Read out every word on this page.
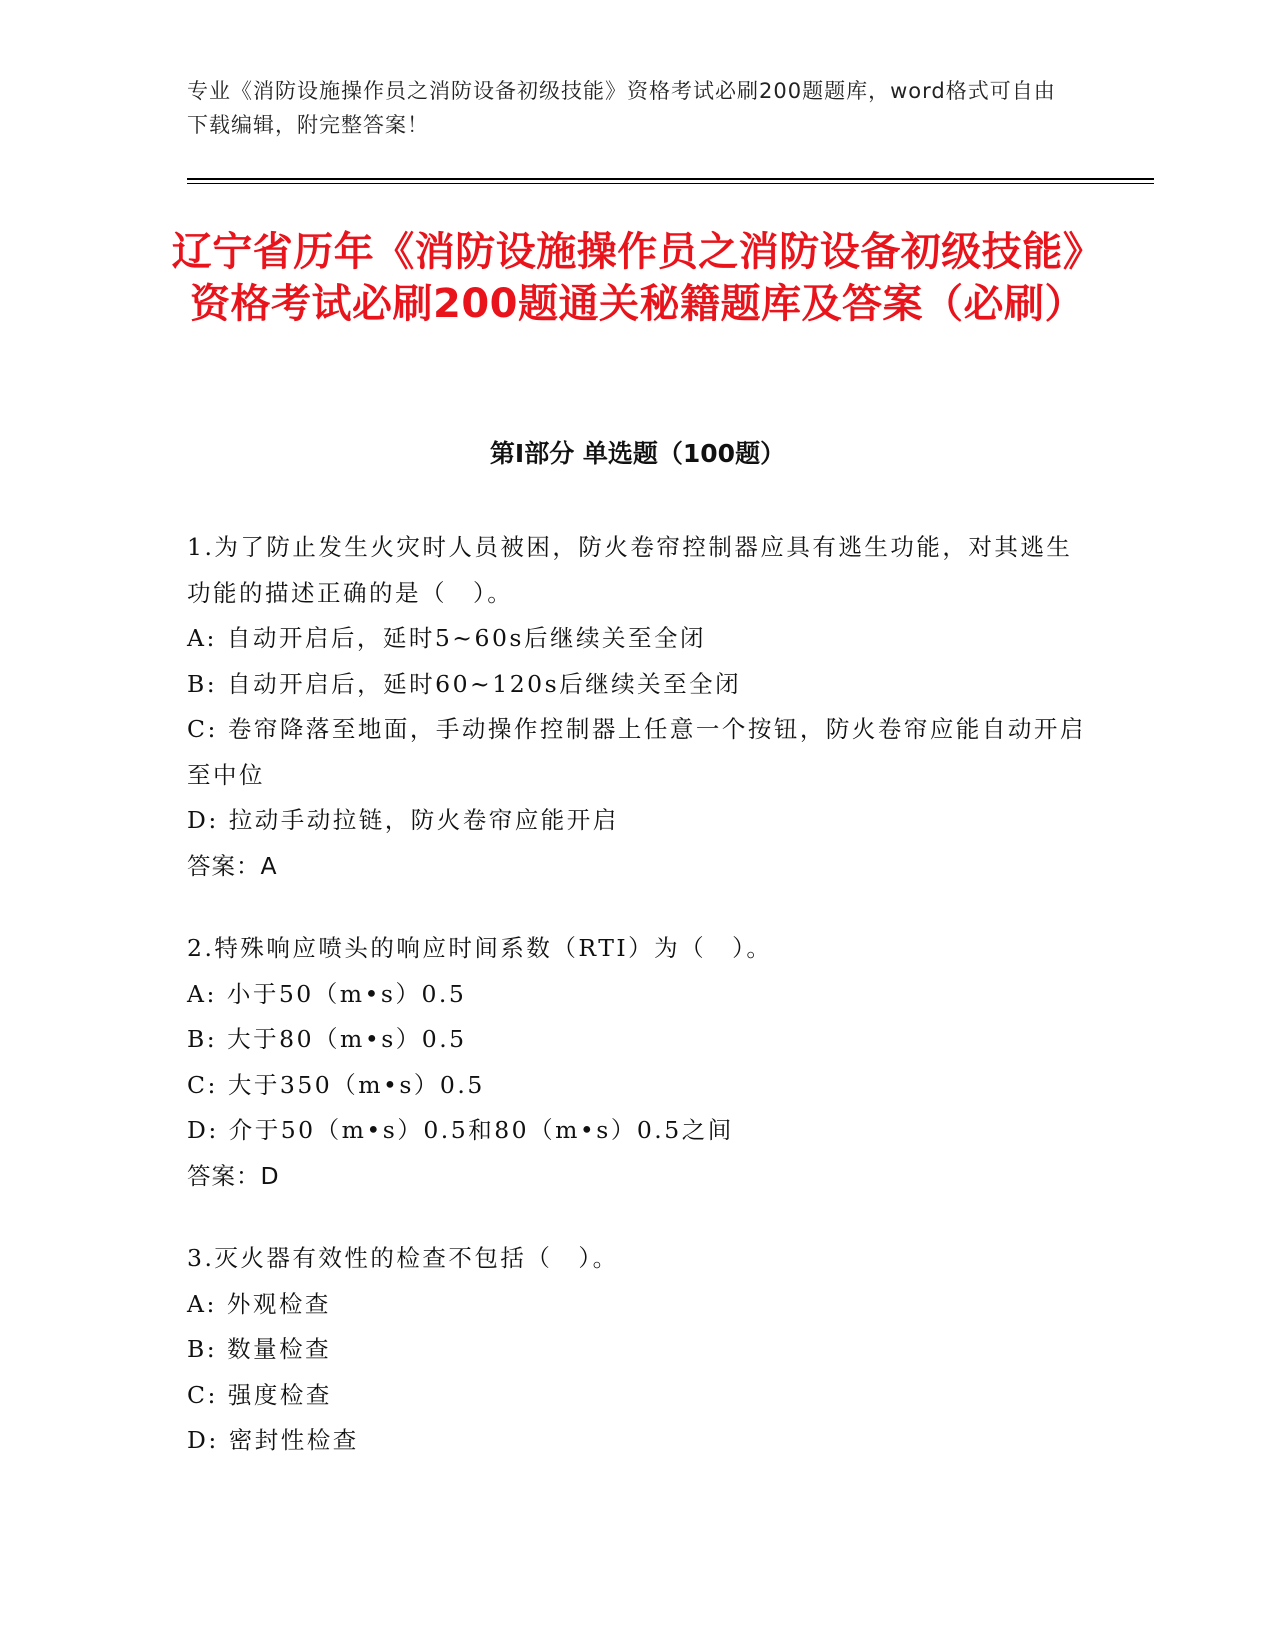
专业《消防设施操作员之消防设备初级技能》资格考试必刷200题题库，word格式可自由下载编辑，附完整答案！
辽宁省历年《消防设施操作员之消防设备初级技能》资格考试必刷200题通关秘籍题库及答案（必刷）
第I部分 单选题（100题）
1.为了防止发生火灾时人员被困，防火卷帘控制器应具有逃生功能，对其逃生功能的描述正确的是（　）。
A: 自动开启后，延时5~60s后继续关至全闭
B: 自动开启后，延时60~120s后继续关至全闭
C: 卷帘降落至地面，手动操作控制器上任意一个按钮，防火卷帘应能自动开启至中位
D: 拉动手动拉链，防火卷帘应能开启
答案：A
2.特殊响应喷头的响应时间系数（RTI）为（　）。
A: 小于50（m•s）0.5
B: 大于80（m•s）0.5
C: 大于350（m•s）0.5
D: 介于50（m•s）0.5和80（m•s）0.5之间
答案：D
3.灭火器有效性的检查不包括（　）。
A: 外观检查
B: 数量检查
C: 强度检查
D: 密封性检查
